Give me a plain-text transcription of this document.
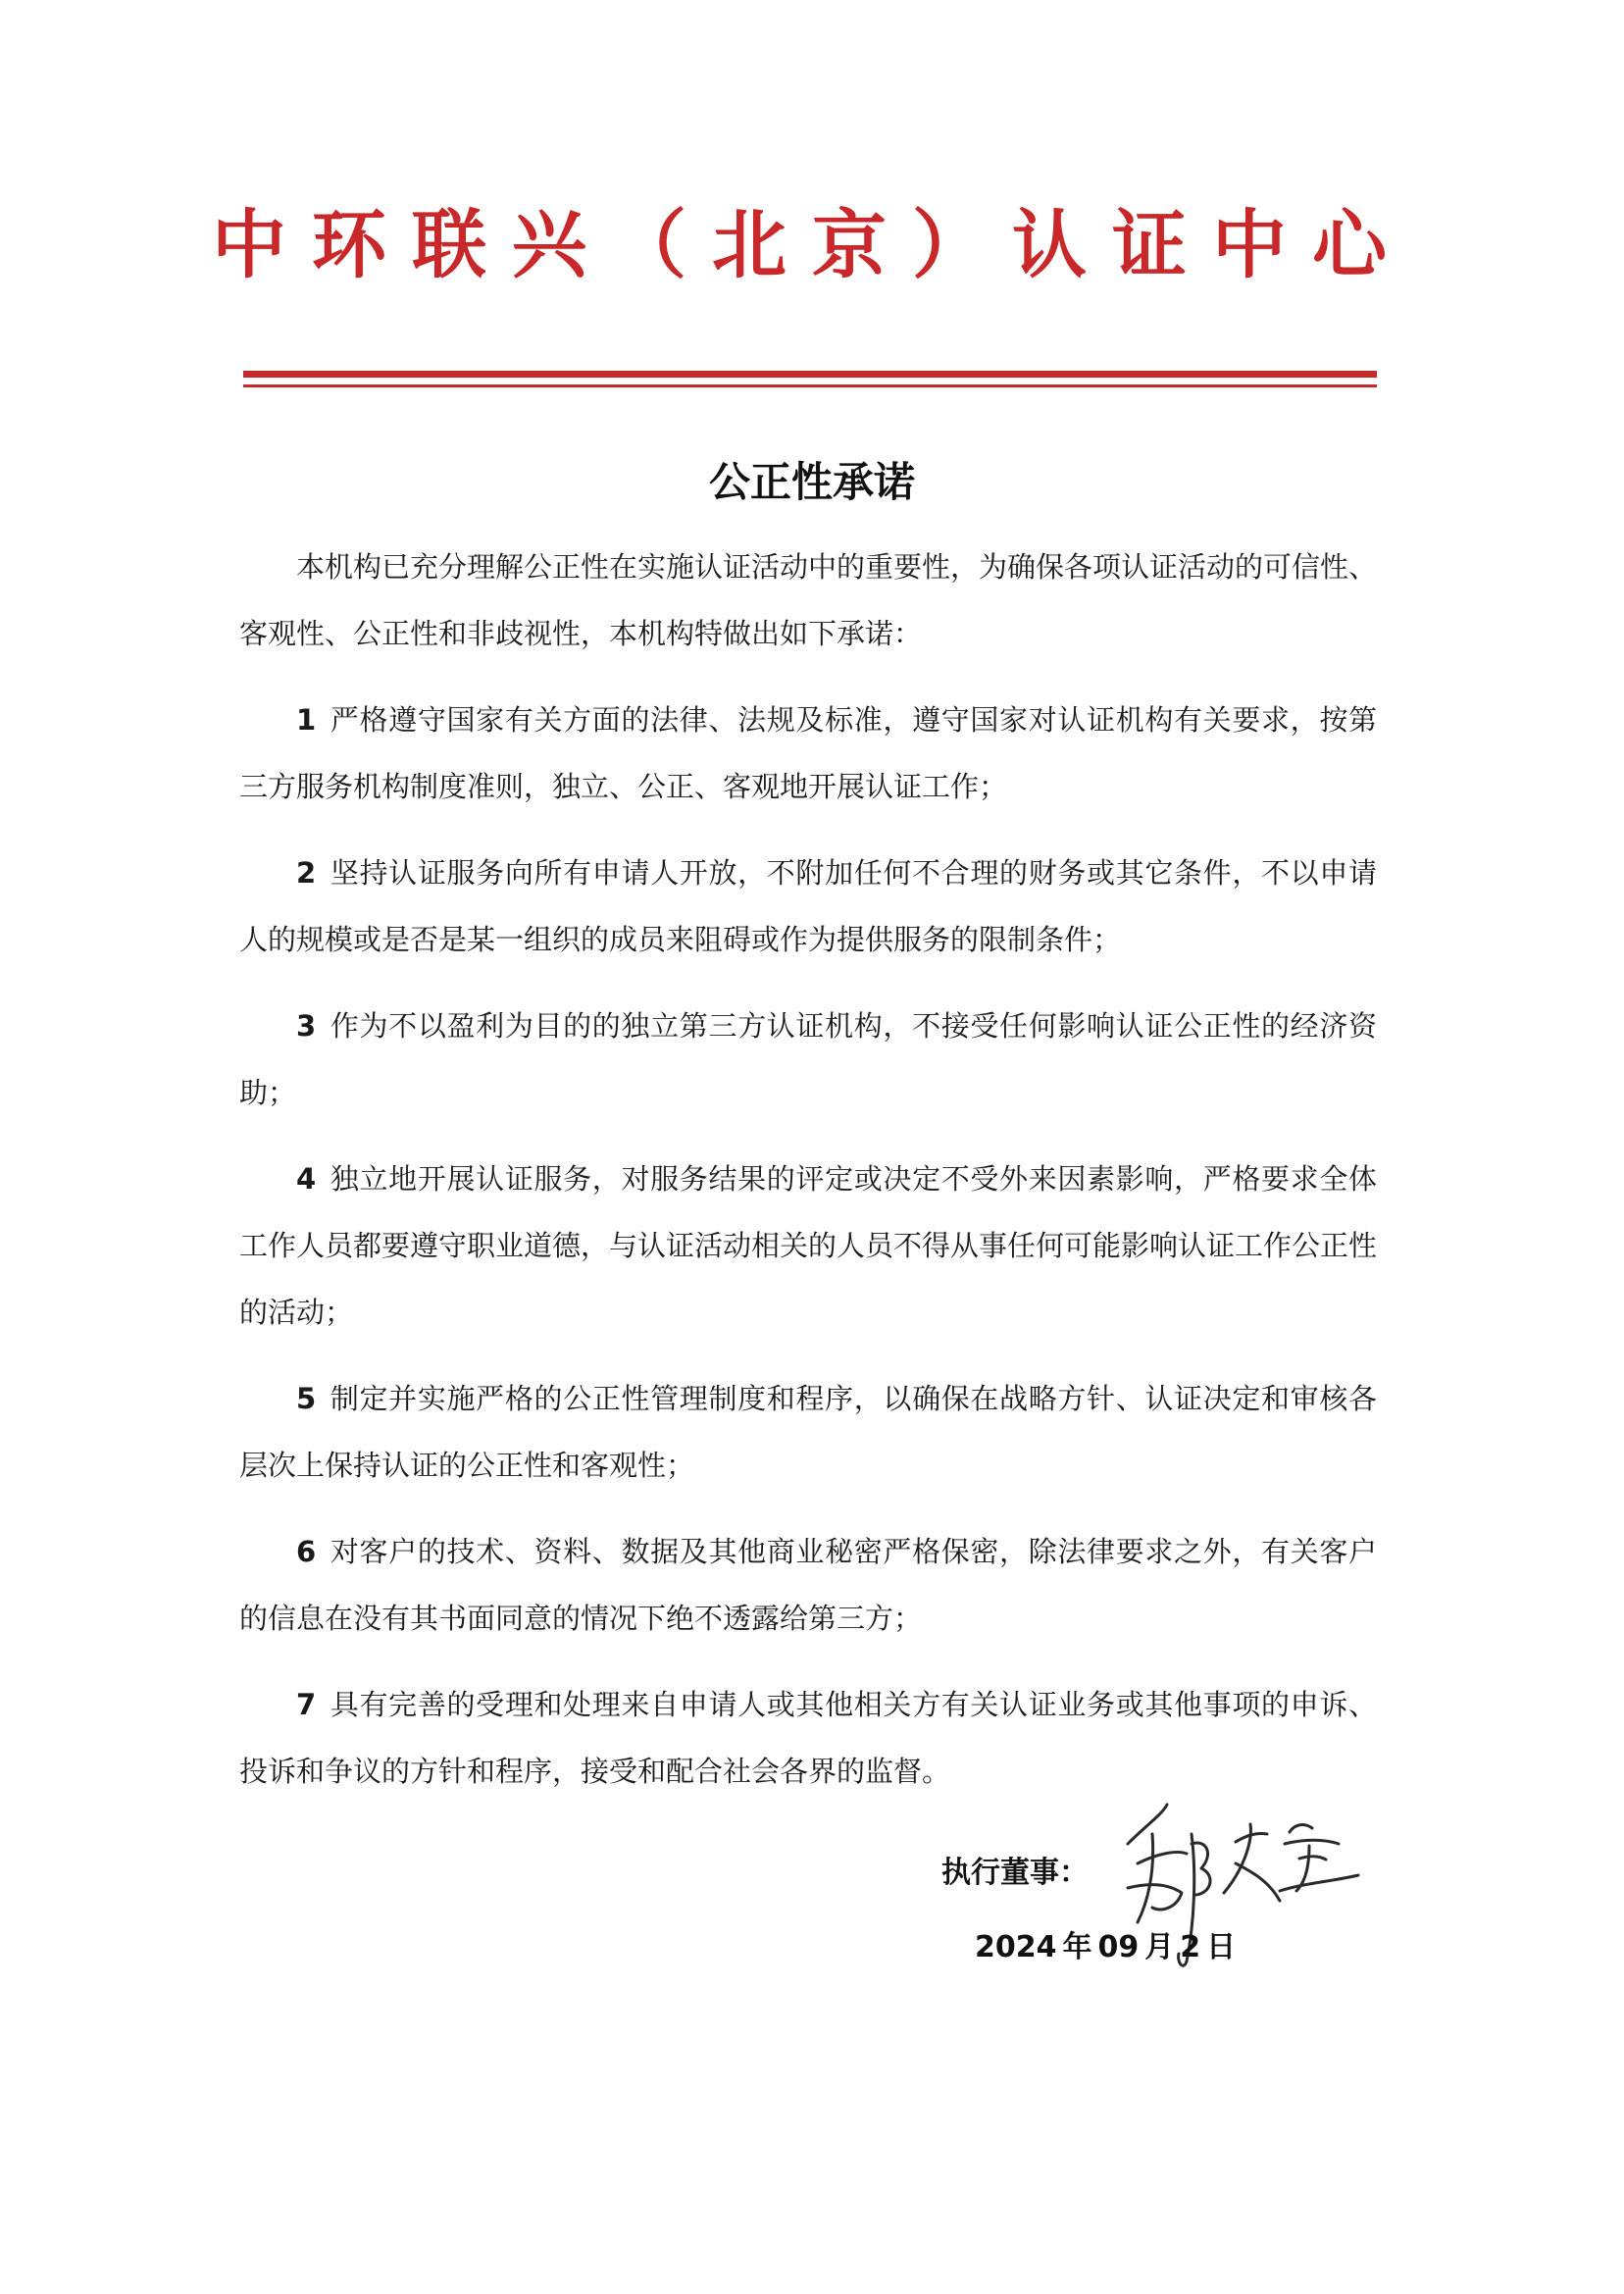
中环联兴（北京）认证中心
公正性承诺

本机构已充分理解公正性在实施认证活动中的重要性，为确保各项认证活动的可信性、客观性、公正性和非歧视性，本机构特做出如下承诺：

1 严格遵守国家有关方面的法律、法规及标准，遵守国家对认证机构有关要求，按第三方服务机构制度准则，独立、公正、客观地开展认证工作；

2 坚持认证服务向所有申请人开放，不附加任何不合理的财务或其它条件，不以申请人的规模或是否是某一组织的成员来阻碍或作为提供服务的限制条件；

3 作为不以盈利为目的的独立第三方认证机构，不接受任何影响认证公正性的经济资助；

4 独立地开展认证服务，对服务结果的评定或决定不受外来因素影响，严格要求全体工作人员都要遵守职业道德，与认证活动相关的人员不得从事任何可能影响认证工作公正性的活动；

5 制定并实施严格的公正性管理制度和程序，以确保在战略方针、认证决定和审核各层次上保持认证的公正性和客观性；

6 对客户的技术、资料、数据及其他商业秘密严格保密，除法律要求之外，有关客户的信息在没有其书面同意的情况下绝不透露给第三方；

7 具有完善的受理和处理来自申请人或其他相关方有关认证业务或其他事项的申诉、投诉和争议的方针和程序，接受和配合社会各界的监督。

执行董事：
2024 年 09 月 2 日
